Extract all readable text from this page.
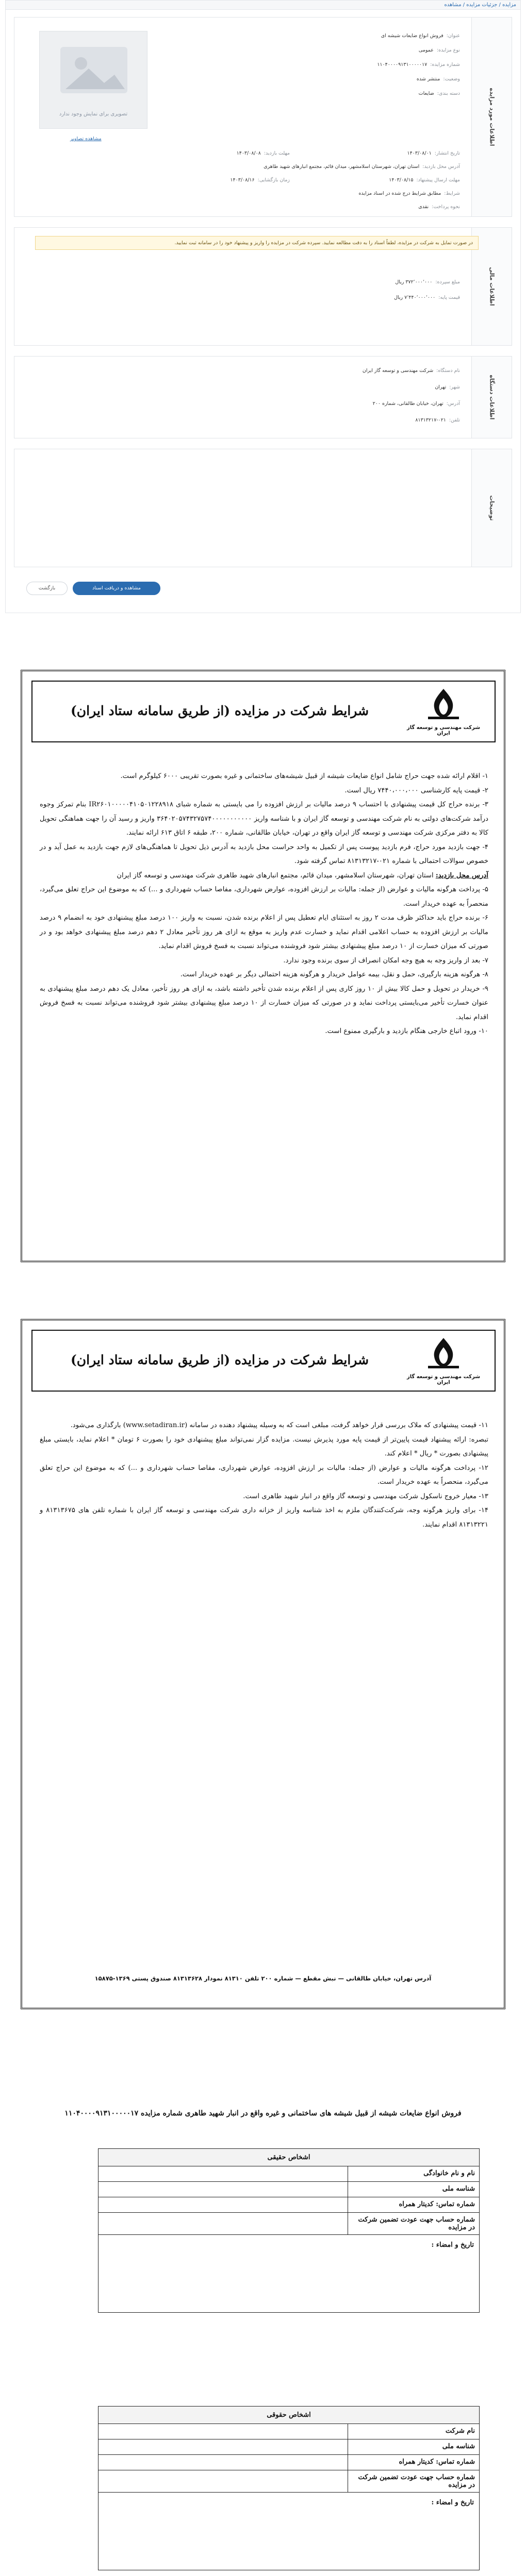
مزایده / جزئیات مزایده / مشاهده
اطلاعات مورد مزایده
تصویری برای نمایش وجود ندارد
مشاهده تصاویر
عنوان:فروش انواع ضایعات شیشه ای
نوع مزایده:عمومی
شماره مزایده:۱۱۰۴۰۰۰۰۹۱۳۱۰۰۰۰۰۱۷
وضعیت:منتشر شده
دسته بندی:ضایعات
تاریخ انتشار:۱۴۰۳/۰۸/۰۱
مهلت بازدید:۱۴۰۳/۰۸/۰۸
آدرس محل بازدید:استان تهران، شهرستان اسلامشهر، میدان قائم، مجتمع انبارهای شهید طاهری
مهلت ارسال پیشنهاد:۱۴۰۳/۰۸/۱۵
زمان بازگشایی:۱۴۰۳/۰۸/۱۶
شرایط:مطابق شرایط درج شده در اسناد مزایده
نحوه پرداخت:نقدی
اطلاعات مالی
در صورت تمایل به شرکت در مزایده، لطفاً اسناد را به دقت مطالعه نمایید. سپرده شرکت در مزایده را واریز و پیشنهاد خود را در سامانه ثبت نمایید.
مبلغ سپرده:۳۷۲٬۰۰۰٬۰۰۰ ریال
قیمت پایه:۷٬۴۴۰٬۰۰۰٬۰۰۰ ریال
اطلاعات دستگاه
نام دستگاه:شرکت مهندسی و توسعه گاز ایران
شهر:تهران
آدرس:تهران، خیابان طالقانی، شماره ۲۰۰
تلفن:۰۲۱-۸۱۳۱۳۲۱۷
توضیحات
بازگشت	مشاهده و دریافت اسناد
شرایط شرکت در مزایده (از طریق سامانه ستاد ایران)
شرکت مهندسی و توسعه گاز ایران

۱- اقلام ارائه شده جهت حراج شامل انواع ضایعات شیشه از قبیل شیشه‌های ساختمانی و غیره بصورت تقریبی ۶۰۰۰ کیلوگرم است.

۲- قیمت پایه کارشناسی ۷۴۴۰،۰۰۰،۰۰۰ ریال است.

۳- برنده حراج کل قیمت پیشنهادی با احتساب ۹ درصد مالیات بر ارزش افزوده را می بایستی به شماره شبای IR۲۶۰۱۰۰۰۰۰۴۱۰۵۰۱۲۲۸۹۱۸ بنام تمرکز وجوه درآمد شرکت‌های دولتی به نام شرکت مهندسی و توسعه گاز ایران و با شناسه واریز ۳۶۴۰۲۰۵۷۴۳۲۷۵۷۴۰۰۰۰۰۰۰۰۰۰۰ واریز و رسید آن را جهت هماهنگی تحویل کالا به دفتر مرکزی شرکت مهندسی و توسعه گاز ایران واقع در تهران، خیابان طالقانی، شماره ۲۰۰، طبقه ۶ اتاق ۶۱۳ ارائه نمایند.

۴- جهت بازدید مورد حراج، فرم بازدید پیوست پس از تکمیل به واحد حراست محل بازدید به آدرس ذیل تحویل تا هماهنگی‌های لازم جهت بازدید به عمل آید و در خصوص سوالات احتمالی با شماره ۰۲۱-۸۱۳۱۳۲۱۷ تماس گرفته شود.

آدرس محل بازدید: استان تهران، شهرستان اسلامشهر، میدان قائم، مجتمع انبارهای شهید طاهری شرکت مهندسی و توسعه گاز ایران

۵- پرداخت هرگونه مالیات و عوارض (از جمله: مالیات بر ارزش افزوده، عوارض شهرداری، مفاصا حساب شهرداری و ...) که به موضوع این حراج تعلق می‌گیرد، منحصراً به عهده خریدار است.

۶- برنده حراج باید حداکثر ظرف مدت ۲ روز به استثنای ایام تعطیل پس از اعلام برنده شدن، نسبت به واریز ۱۰۰ درصد مبلغ پیشنهادی خود به انضمام ۹ درصد مالیات بر ارزش افزوده به حساب اعلامی اقدام نماید و خسارت عدم واریز به موقع به ازای هر روز تأخیر معادل ۲ دهم درصد مبلغ پیشنهادی خواهد بود و در صورتی که میزان خسارت از ۱۰ درصد مبلغ پیشنهادی بیشتر شود فروشنده می‌تواند نسبت به فسخ فروش اقدام نماید.

۷- بعد از واریز وجه به هیچ وجه امکان انصراف از سوی برنده وجود ندارد.

۸- هرگونه هزینه بارگیری، حمل و نقل، بیمه عوامل خریدار و هرگونه هزینه احتمالی دیگر بر عهده خریدار است.

۹- خریدار در تحویل و حمل کالا بیش از ۱۰ روز کاری پس از اعلام برنده شدن تأخیر داشته باشد، به ازای هر روز تأخیر، معادل یک دهم درصد مبلغ پیشنهادی به عنوان خسارت تأخیر می‌بایستی پرداخت نماید و در صورتی که میزان خسارت از ۱۰ درصد مبلغ پیشنهادی بیشتر شود فروشنده می‌تواند نسبت به فسخ فروش اقدام نماید.

۱۰- ورود اتباع خارجی هنگام بازدید و بارگیری ممنوع است.

شرایط شرکت در مزایده (از طریق سامانه ستاد ایران)
شرکت مهندسی و توسعه گاز ایران

۱۱- قیمت پیشنهادی که ملاک بررسی قرار خواهد گرفت، مبلغی است که به وسیله پیشنهاد دهنده در سامانه (www.setadiran.ir) بارگذاری می‌شود.

تبصره: ارائه پیشنهاد قیمت پایین‌تر از قیمت پایه مورد پذیرش نیست. مزایده گزار نمی‌تواند مبلغ پیشنهادی خود را بصورت ۶ تومان * اعلام نماید، بایستی مبلغ پیشنهادی بصورت * ریال * اعلام کند.

۱۲- پرداخت هرگونه مالیات و عوارض (از جمله: مالیات بر ارزش افزوده، عوارض شهرداری، مفاصا حساب شهرداری و ...) که به موضوع این حراج تعلق می‌گیرد، منحصراً به عهده خریدار است.

۱۳- معیار خروج ناسکول شرکت مهندسی و توسعه گاز واقع در انبار شهید طاهری است.

۱۴- برای واریز هرگونه وجه، شرکت‌کنندگان ملزم به اخذ شناسه واریز از خزانه داری شرکت مهندسی و توسعه گاز ایران با شماره تلفن های ۸۱۳۱۳۶۷۵ و ۸۱۳۱۳۲۲۱ اقدام نمایند.

آدرس تهران، خیابان طالقانی — نبش مقطع — شماره ۲۰۰ تلفن ۸۱۳۱۰ نمودار ۸۱۳۱۳۶۲۸ صندوق پستی ۱۳۶۹-۱۵۸۷۵
فروش انواع ضایعات شیشه از قبیل شیشه های ساختمانی و غیره واقع در انبار شهید طاهری شماره مزایده ۱۱۰۴۰۰۰۰۹۱۳۱۰۰۰۰۰۱۷
اشخاص حقیقی
نام و نام خانوادگی
شناسه ملی
شماره تماس: کدیتار همراه
شماره حساب جهت عودت تضمین شرکت در مزایده
تاریخ و امضاء :
اشخاص حقوقی
نام شرکت
شناسه ملی
شماره تماس: کدیتار همراه
شماره حساب جهت عودت تضمین شرکت در مزایده
تاریخ و امضاء :
